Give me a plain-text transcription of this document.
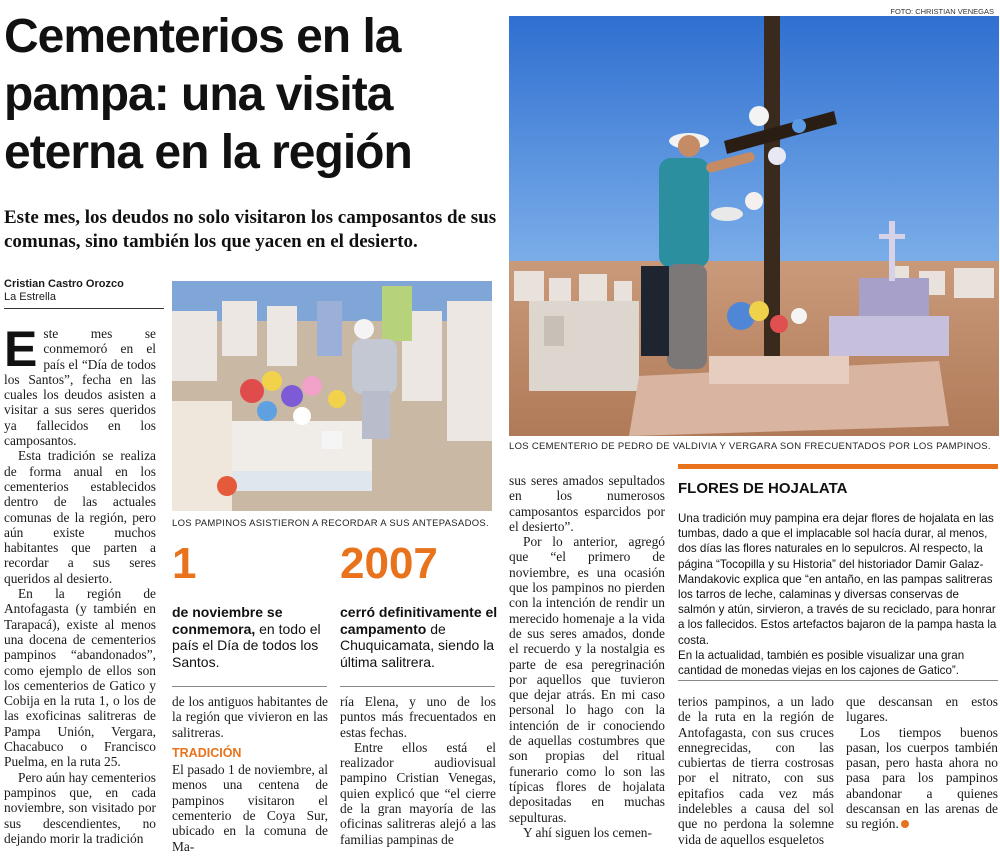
Cementerios en la pampa: una visita eterna en la región
Este mes, los deudos no solo visitaron los camposantos de sus comunas, sino también los que yacen en el desierto.
Cristian Castro Orozco
La Estrella
FOTO: CHRISTIAN VENEGAS
LOS CEMENTERIO DE PEDRO DE VALDIVIA Y VERGARA SON FRECUENTADOS POR LOS PAMPINOS.
LOS PAMPINOS ASISTIERON A RECORDAR A SUS ANTEPASADOS.

Este mes se conmemoró en el país el “Día de todos los Santos”, fecha en las cuales los deudos asisten a visitar a sus seres queridos ya fallecidos en los camposantos.

Esta tradición se realiza de forma anual en los cementerios establecidos dentro de las actuales comunas de la región, pero aún existe muchos habitantes que parten a recordar a sus seres queridos al desierto.

En la región de Antofagasta (y también en Tarapacá), existe al menos una docena de cementerios pampinos “abandonados”, como ejemplo de ellos son los cementerios de Gatico y Cobija en la ruta 1, o los de las exoficinas salitreras de Pampa Unión, Vergara, Chacabuco o Francisco Puelma, en la ruta 25.

Pero aún hay cementerios pampinos que, en cada noviembre, son visitado por sus descendientes, no dejando morir la tradición

1
de noviembre se conmemora, en todo el país el Día de todos los Santos.
2007
cerró definitivamente el campamento de Chuquicamata, siendo la última salitrera.

de los antiguos habitantes de la región que vivieron en las salitreras.

TRADICIÓN

El pasado 1 de noviembre, al menos una centena de pampinos visitaron el cementerio de Coya Sur, ubicado en la comuna de Ma-

ría Elena, y uno de los puntos más frecuentados en estas fechas.

Entre ellos está el realizador audiovisual pampino Cristian Venegas, quien explicó que “el cierre de la gran mayoría de las oficinas salitreras alejó a las familias pampinas de

sus seres amados sepultados en los numerosos camposantos esparcidos por el desierto”.

Por lo anterior, agregó que “el primero de noviembre, es una ocasión que los pampinos no pierden con la intención de rendir un merecido homenaje a la vida de sus seres amados, donde el recuerdo y la nostalgia es parte de esa peregrinación por aquellos que tuvieron que dejar atrás. En mi caso personal lo hago con la intención de ir conociendo de aquellas costumbres que son propias del ritual funerario como lo son las típicas flores de hojalata depositadas en muchas sepulturas.

Y ahí siguen los cemen-

FLORES DE HOJALATA
Una tradición muy pampina era dejar flores de hojalata en las tumbas, dado a que el implacable sol hacía durar, al menos, dos días las flores naturales en lo sepulcros. Al respecto, la página “Tocopilla y su Historia” del historiador Damir Galaz-Mandakovic explica que “en antaño, en las pampas salitreras los tarros de leche, calaminas y diversas conservas de salmón y atún, sirvieron, a través de su reciclado, para honrar a los fallecidos. Estos artefactos bajaron de la pampa hasta la costa.
En la actualidad, también es posible visualizar una gran cantidad de monedas viejas en los cajones de Gatico”.

terios pampinos, a un lado de la ruta en la región de Antofagasta, con sus cruces ennegrecidas, con las cubiertas de tierra costrosas por el nitrato, con sus epitafios cada vez más indelebles a causa del sol que no perdona la solemne vida de aquellos esqueletos

que descansan en estos lugares.

Los tiempos buenos pasan, los cuerpos también pasan, pero hasta ahora no pasa para los pampinos abandonar a quienes descansan en las arenas de su región.
